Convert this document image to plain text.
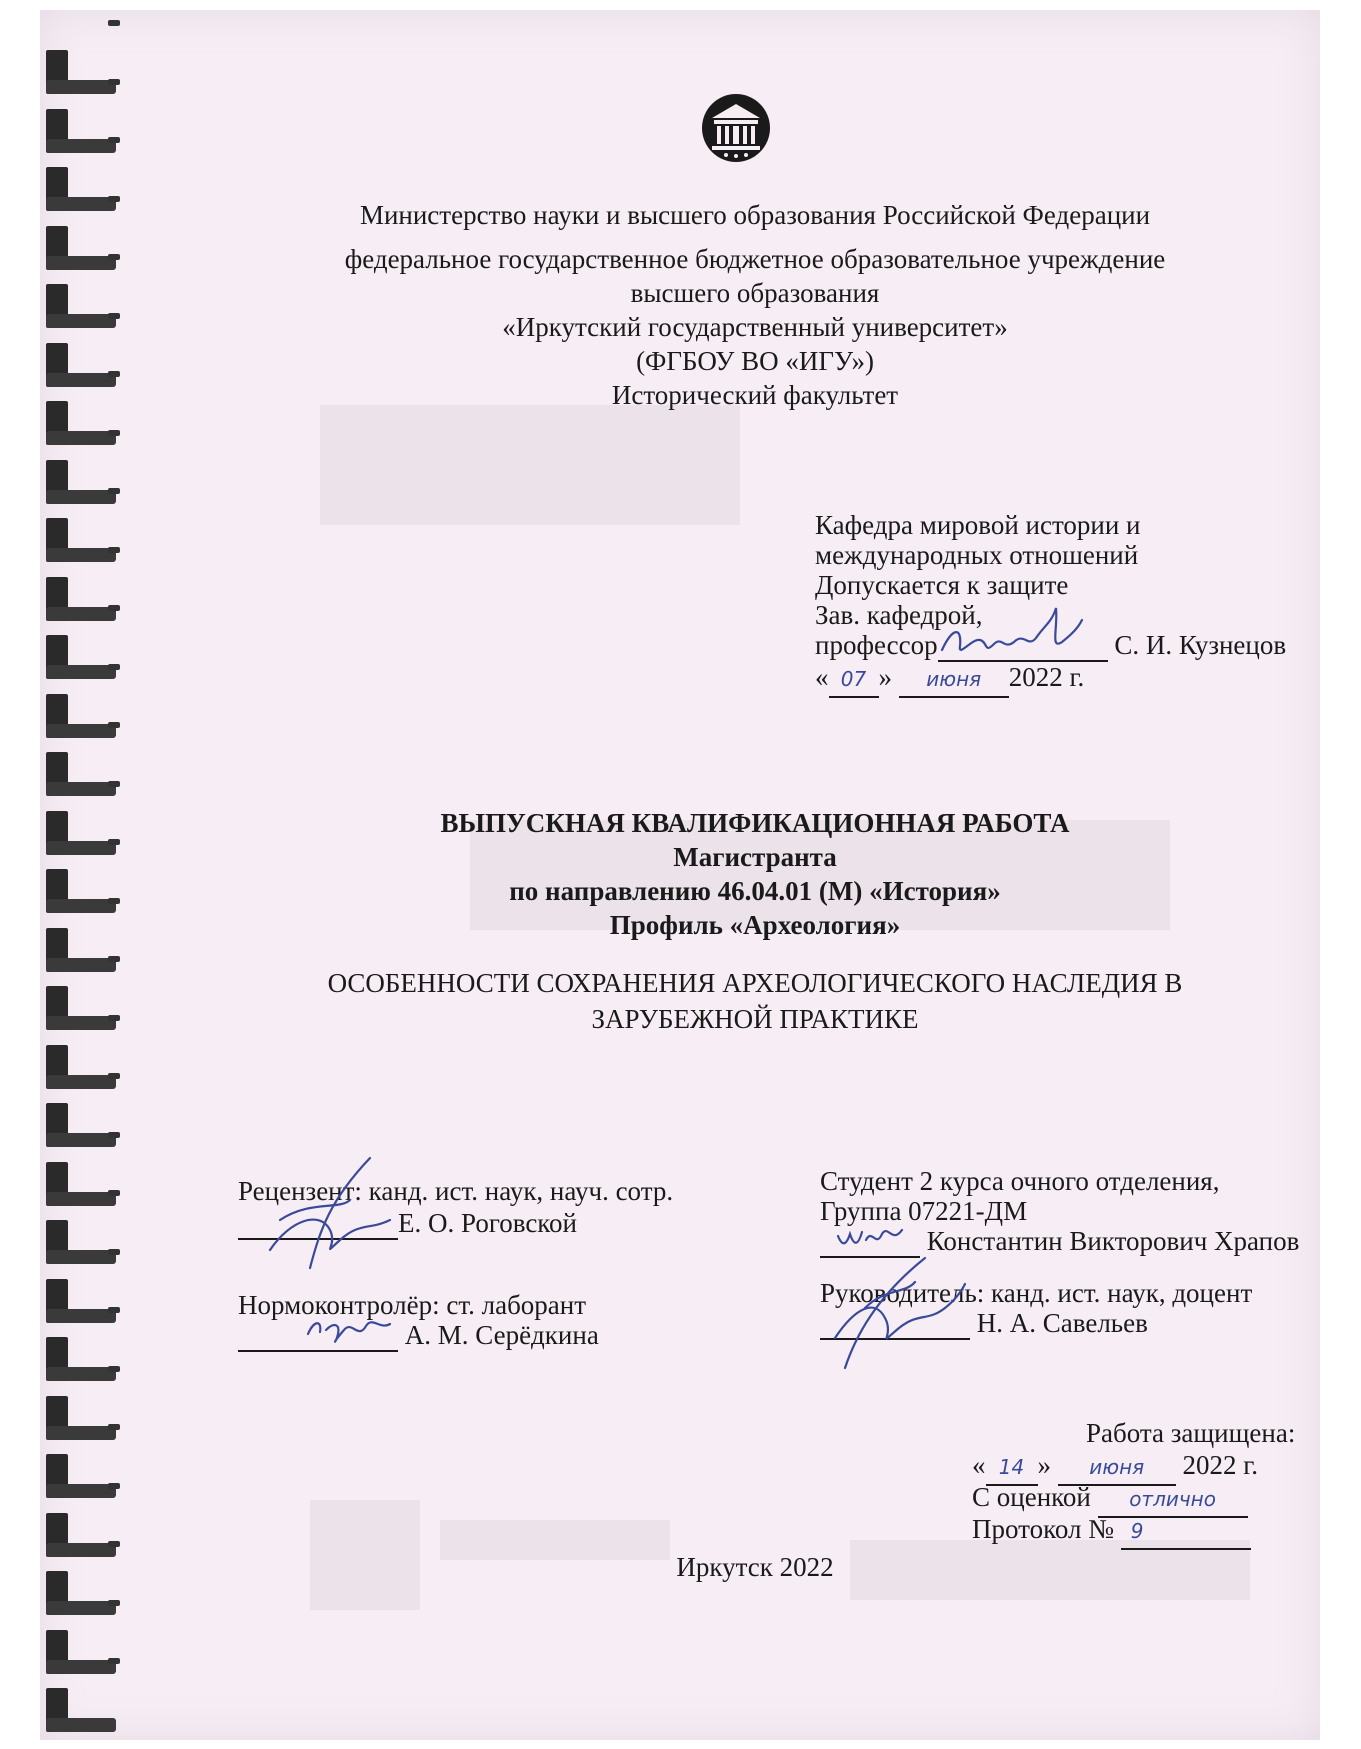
Министерство науки и высшего образования Российской Федерации
федеральное государственное бюджетное образовательное учреждение
высшего образования
«Иркутский государственный университет»
(ФГБОУ ВО «ИГУ»)
Исторический факультет
Кафедра мировой истории и
международных отношений
Допускается к защите
Зав. кафедрой,
профессор	С. И. Кузнецов
« 07 » июня 2022 г.
ВЫПУСКНАЯ КВАЛИФИКАЦИОННАЯ РАБОТА
Магистранта
по направлению 46.04.01 (М) «История»
Профиль «Археология»
ОСОБЕННОСТИ СОХРАНЕНИЯ АРХЕОЛОГИЧЕСКОГО НАСЛЕДИЯ В
ЗАРУБЕЖНОЙ ПРАКТИКЕ
Рецензент: канд. ист. наук, науч. сотр.
Е. О. Роговской
Нормоконтролёр: ст. лаборант
А. М. Серёдкина
Студент 2 курса очного отделения,
Группа 07221-ДМ
Константин Викторович Храпов
Руководитель: канд. ист. наук, доцент
Н. А. Савельев
Работа защищена:
« 14 » июня 2022 г.
С оценкой отлично
Протокол № 9
Иркутск 2022
